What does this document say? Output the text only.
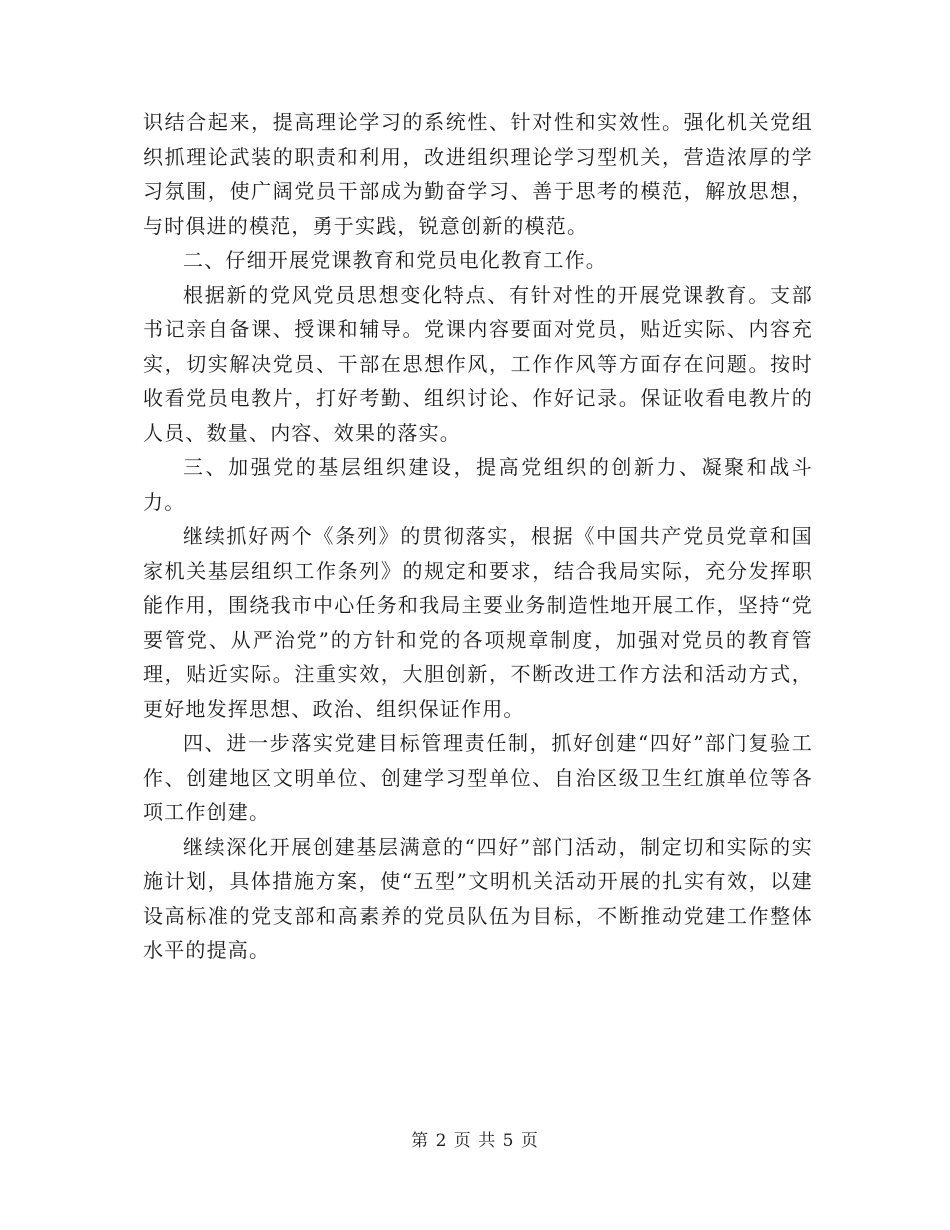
识结合起来，提高理论学习的系统性、针对性和实效性。强化机关党组织抓理论武装的职责和利用，改进组织理论学习型机关，营造浓厚的学习氛围，使广阔党员干部成为勤奋学习、善于思考的模范，解放思想，与时俱进的模范，勇于实践，锐意创新的模范。

二、仔细开展党课教育和党员电化教育工作。

根据新的党风党员思想变化特点、有针对性的开展党课教育。支部书记亲自备课、授课和辅导。党课内容要面对党员，贴近实际、内容充实，切实解决党员、干部在思想作风，工作作风等方面存在问题。按时收看党员电教片，打好考勤、组织讨论、作好记录。保证收看电教片的人员、数量、内容、效果的落实。

三、加强党的基层组织建设，提高党组织的创新力、凝聚和战斗力。

继续抓好两个《条列》的贯彻落实，根据《中国共产党员党章和国家机关基层组织工作条列》的规定和要求，结合我局实际，充分发挥职能作用，围绕我市中心任务和我局主要业务制造性地开展工作，坚持“党要管党、从严治党”的方针和党的各项规章制度，加强对党员的教育管理，贴近实际。注重实效，大胆创新，不断改进工作方法和活动方式，更好地发挥思想、政治、组织保证作用。

四、进一步落实党建目标管理责任制，抓好创建“四好”部门复验工作、创建地区文明单位、创建学习型单位、自治区级卫生红旗单位等各项工作创建。

继续深化开展创建基层满意的“四好”部门活动，制定切和实际的实施计划，具体措施方案，使“五型”文明机关活动开展的扎实有效，以建设高标准的党支部和高素养的党员队伍为目标，不断推动党建工作整体水平的提高。

第 2 页 共 5 页
